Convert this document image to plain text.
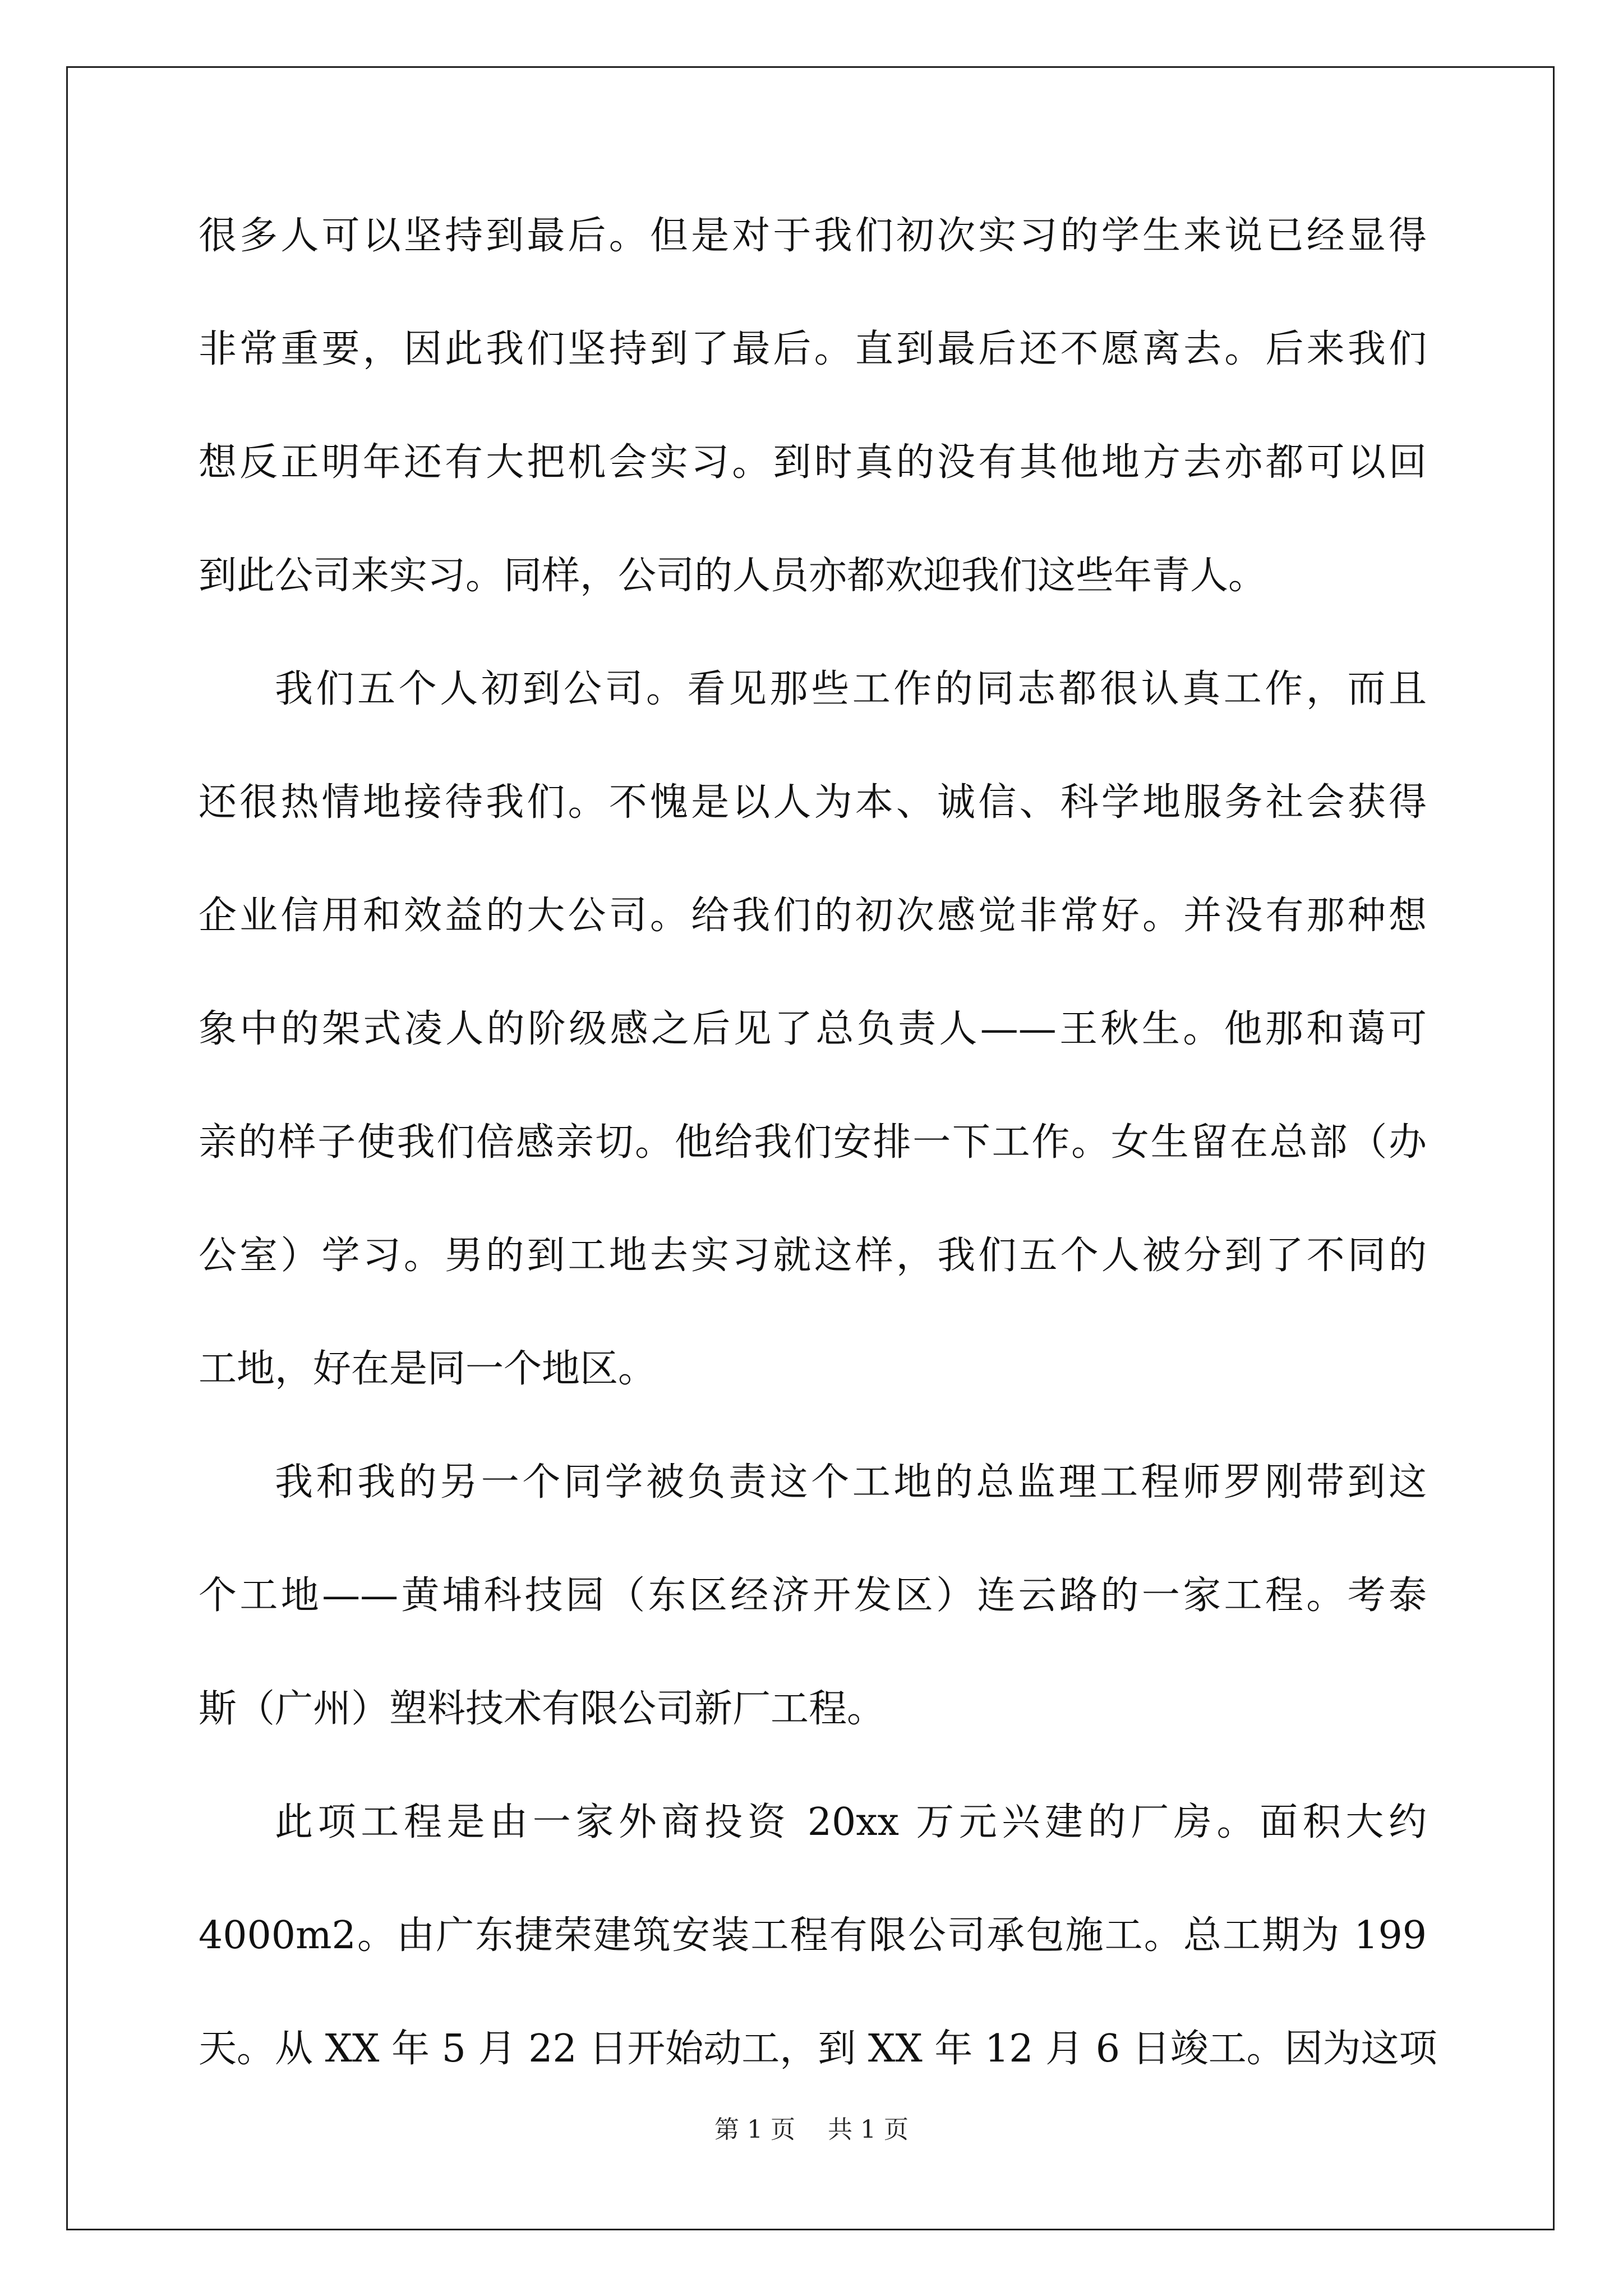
很多人可以坚持到最后。但是对于我们初次实习的学生来说已经显得
非常重要，因此我们坚持到了最后。直到最后还不愿离去。后来我们
想反正明年还有大把机会实习。到时真的没有其他地方去亦都可以回
到此公司来实习。同样，公司的人员亦都欢迎我们这些年青人。
我们五个人初到公司。看见那些工作的同志都很认真工作，而且
还很热情地接待我们。不愧是以人为本、诚信、科学地服务社会获得
企业信用和效益的大公司。给我们的初次感觉非常好。并没有那种想
象中的架式凌人的阶级感之后见了总负责人——王秋生。他那和蔼可
亲的样子使我们倍感亲切。他给我们安排一下工作。女生留在总部（办
公室）学习。男的到工地去实习就这样，我们五个人被分到了不同的
工地，好在是同一个地区。
我和我的另一个同学被负责这个工地的总监理工程师罗刚带到这
个工地——黄埔科技园（东区经济开发区）连云路的一家工程。考泰
斯（广州）塑料技术有限公司新厂工程。
此项工程是由一家外商投资 20xx 万元兴建的厂房。面积大约
4000m2。由广东捷荣建筑安装工程有限公司承包施工。总工期为 199
天。从 XX 年 5 月 22 日开始动工，到 XX 年 12 月 6 日竣工。因为这项
第 1 页 共 1 页
